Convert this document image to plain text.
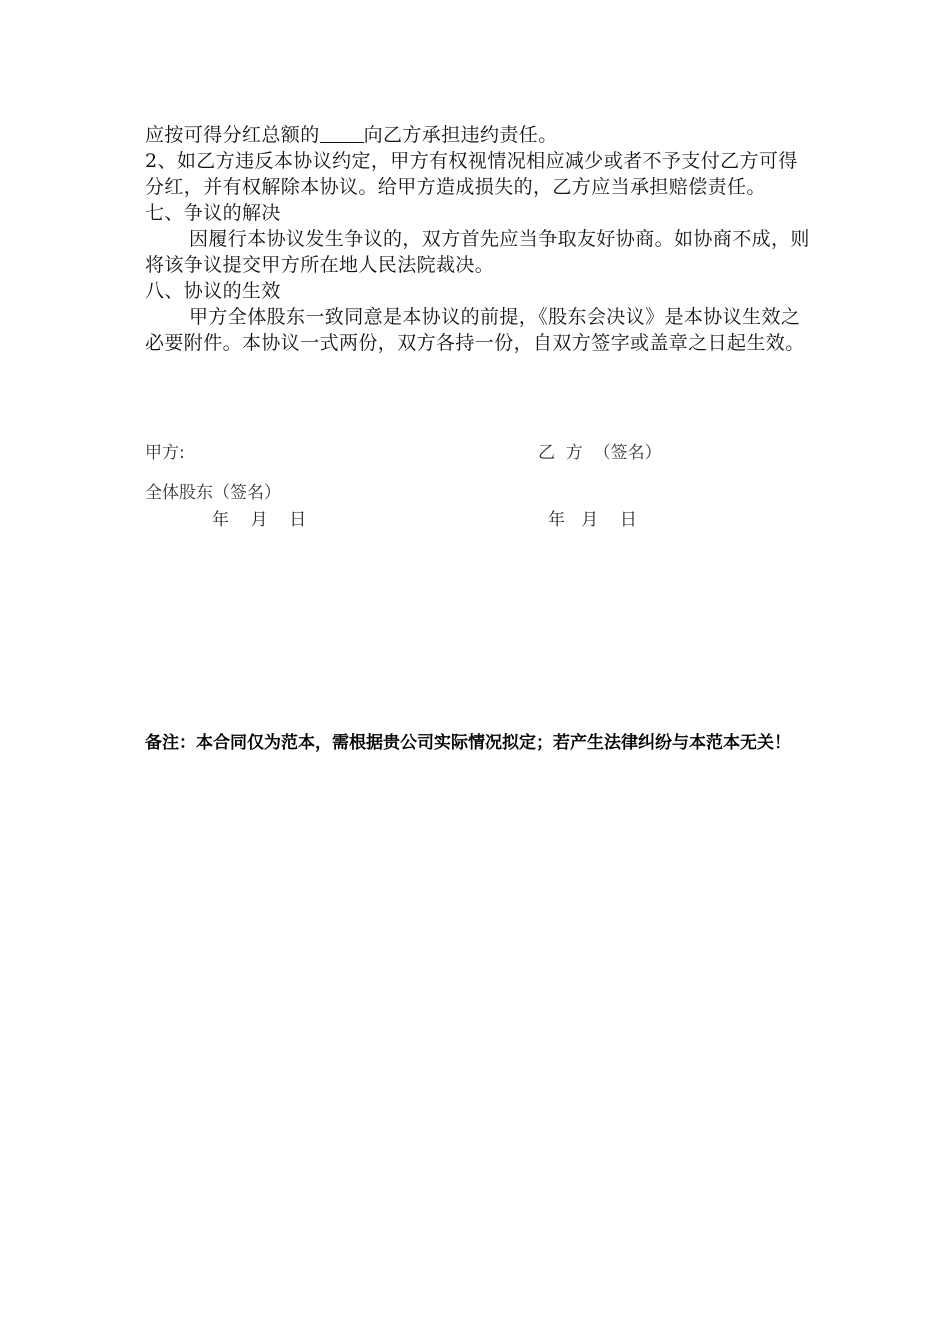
应按可得分红总额的 向乙方承担违约责任。

2、如乙方违反本协议约定，甲方有权视情况相应减少或者不予支付乙方可得分红，并有权解除本协议。给甲方造成损失的，乙方应当承担赔偿责任。

七、争议的解决

因履行本协议发生争议的，双方首先应当争取友好协商。如协商不成，则将该争议提交甲方所在地人民法院裁决。

八、协议的生效

甲方全体股东一致同意是本协议的前提，《股东会决议》是本协议生效之必要附件。本协议一式两份，双方各持一份，自双方签字或盖章之日起生效。

甲方:	乙  方  （签名）
全体股东（签名）
年    月    日	年   月    日
备注：本合同仅为范本，需根据贵公司实际情况拟定；若产生法律纠纷与本范本无关！
